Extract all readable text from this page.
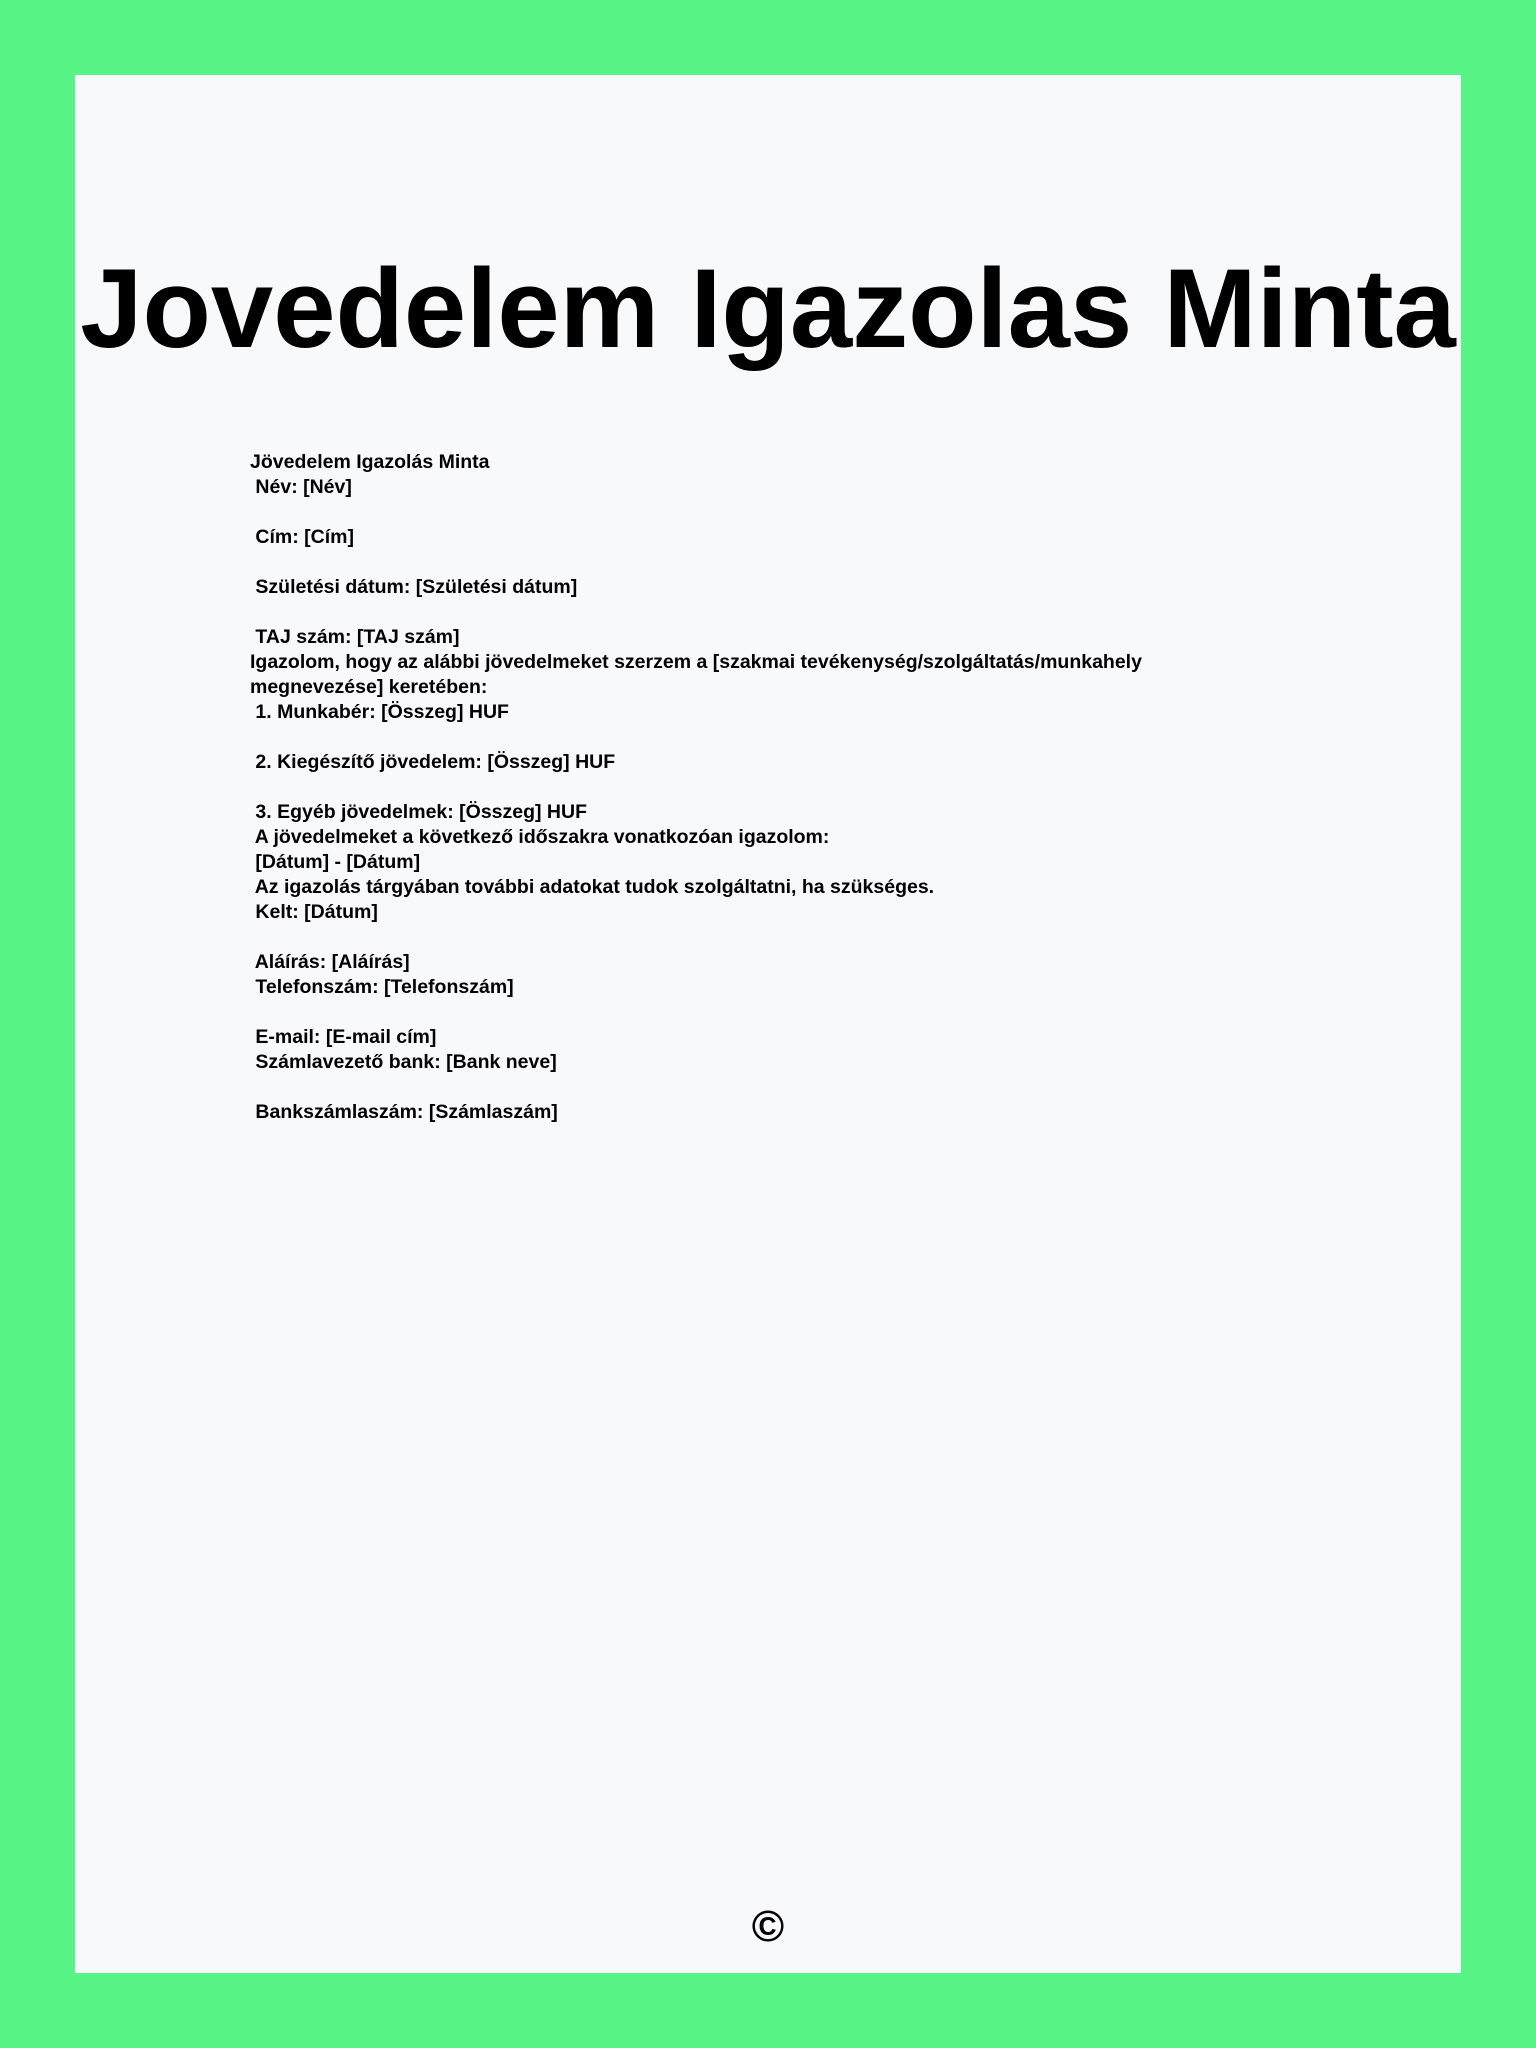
Jovedelem Igazolas Minta
Jövedelem Igazolás Minta
Név: [Név]
Cím: [Cím]
Születési dátum: [Születési dátum]
TAJ szám: [TAJ szám]
Igazolom, hogy az alábbi jövedelmeket szerzem a [szakmai tevékenység/szolgáltatás/munkahely
megnevezése] keretében:
1. Munkabér: [Összeg] HUF
2. Kiegészítő jövedelem: [Összeg] HUF
3. Egyéb jövedelmek: [Összeg] HUF
A jövedelmeket a következő időszakra vonatkozóan igazolom:
[Dátum] - [Dátum]
Az igazolás tárgyában további adatokat tudok szolgáltatni, ha szükséges.
Kelt: [Dátum]
Aláírás: [Aláírás]
Telefonszám: [Telefonszám]
E-mail: [E-mail cím]
Számlavezető bank: [Bank neve]
Bankszámlaszám: [Számlaszám]
©
